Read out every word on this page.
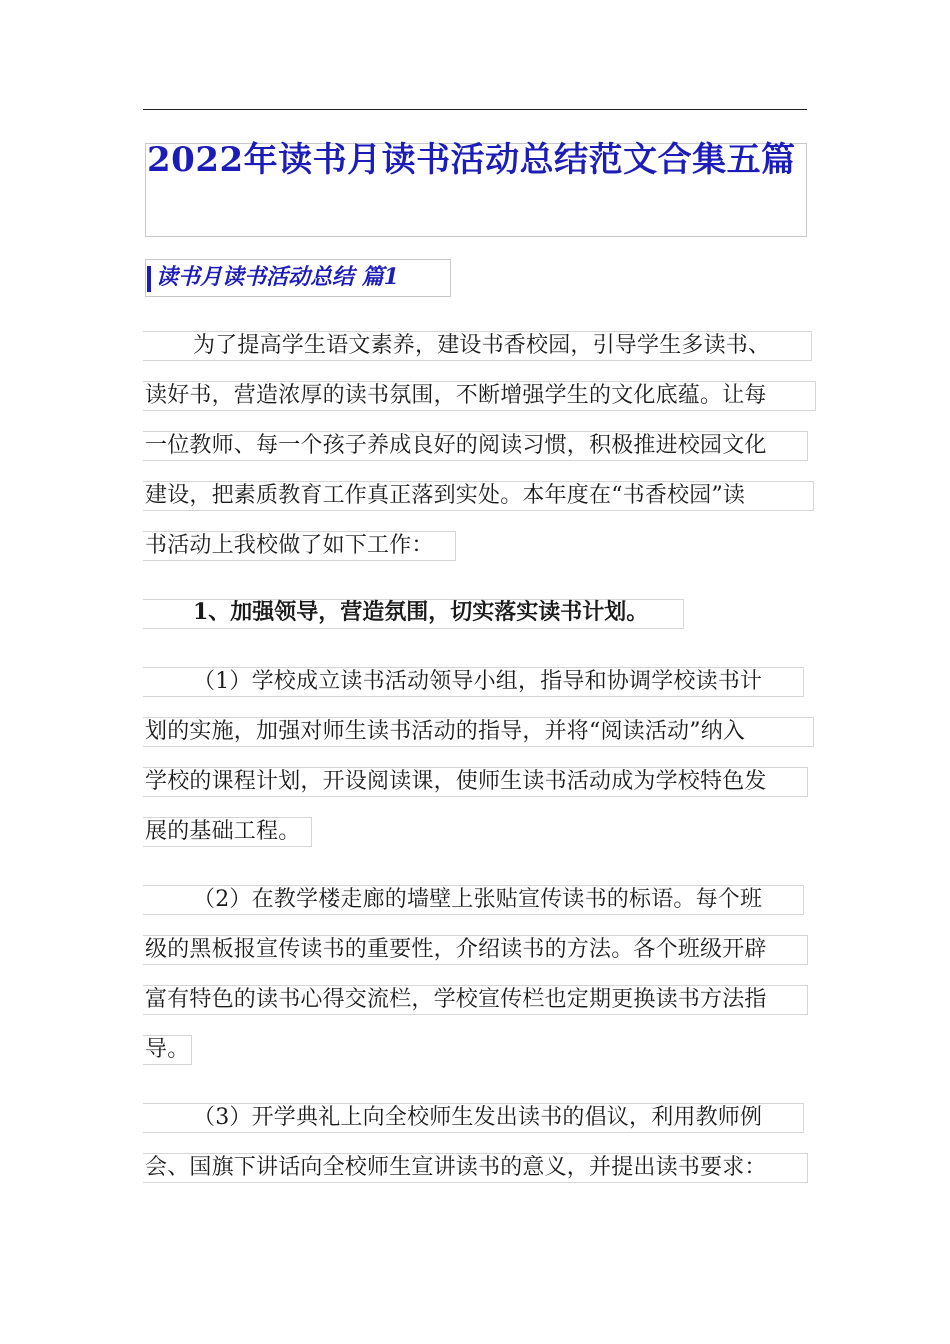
2022年读书月读书活动总结范文合集五篇
读书月读书活动总结 篇1
为了提高学生语文素养，建设书香校园，引导学生多读书、
读好书，营造浓厚的读书氛围，不断增强学生的文化底蕴。让每
一位教师、每一个孩子养成良好的阅读习惯，积极推进校园文化
建设，把素质教育工作真正落到实处。本年度在“书香校园”读
书活动上我校做了如下工作：
1、加强领导，营造氛围，切实落实读书计划。
（1）学校成立读书活动领导小组，指导和协调学校读书计
划的实施，加强对师生读书活动的指导，并将“阅读活动”纳入
学校的课程计划，开设阅读课，使师生读书活动成为学校特色发
展的基础工程。
（2）在教学楼走廊的墙壁上张贴宣传读书的标语。每个班
级的黑板报宣传读书的重要性，介绍读书的方法。各个班级开辟
富有特色的读书心得交流栏，学校宣传栏也定期更换读书方法指
导。
（3）开学典礼上向全校师生发出读书的倡议，利用教师例
会、国旗下讲话向全校师生宣讲读书的意义，并提出读书要求：
